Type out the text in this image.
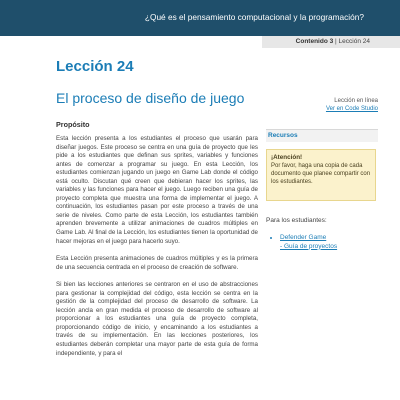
¿Qué es el pensamiento computacional y la programación?
Contenido 3 | Lección 24
Lección 24
El proceso de diseño de juego
Propósito

Esta lección presenta a los estudiantes el proceso que usarán para diseñar juegos. Este proceso se centra en una guía de proyecto que les pide a los estudiantes que definan sus sprites, variables y funciones antes de comenzar a programar su juego. En esta Lección, los estudiantes comienzan jugando un juego en Game Lab donde el código está oculto. Discutan qué creen que debieran hacer los sprites, las variables y las funciones para hacer el juego. Luego reciben una guía de proyecto completa que muestra una forma de implementar el juego. A continuación, los estudiantes pasan por este proceso a través de una serie de niveles. Como parte de esta Lección, los estudiantes también aprenden brevemente a utilizar animaciones de cuadros múltiples en Game Lab. Al final de la Lección, los estudiantes tienen la oportunidad de hacer mejoras en el juego para hacerlo suyo.

Esta Lección presenta animaciones de cuadros múltiples y es la primera de una secuencia centrada en el proceso de creación de software.

Si bien las lecciones anteriores se centraron en el uso de abstracciones para gestionar la complejidad del código, esta lección se centra en la gestión de la complejidad del proceso de desarrollo de software. La lección ancla en gran medida el proceso de desarrollo de software al proporcionar a los estudiantes una guía de proyecto completa, proporcionando código de inicio, y encaminando a los estudiantes a través de su implementación. En las lecciones posteriores, los estudiantes deberán completar una mayor parte de esta guía de forma independiente, y para el

Lección en línea
Ver en Code Studio
Recursos
¡Atención!
Por favor, haga una copia de cada documento que planee compartir con los estudiantes.
Para los estudiantes:
• Defender Game
- Guía de proyectos
